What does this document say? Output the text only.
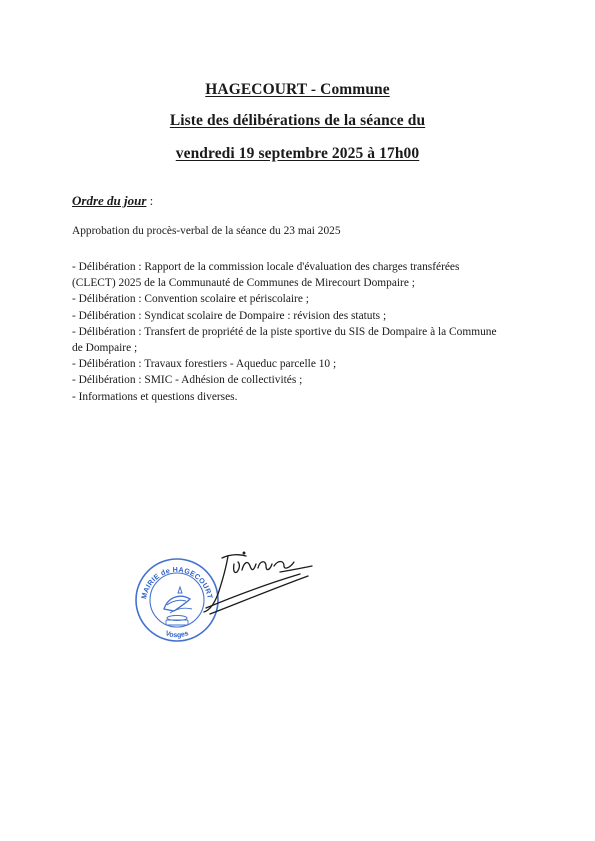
HAGECOURT - Commune
Liste des délibérations de la séance du
vendredi 19 septembre 2025 à 17h00
Ordre du jour :
Approbation du procès-verbal de la séance du 23 mai 2025
- Délibération : Rapport de la commission locale d'évaluation des charges transférées
(CLECT) 2025 de la Communauté de Communes de Mirecourt Dompaire ;
- Délibération : Convention scolaire et périscolaire ;
- Délibération : Syndicat scolaire de Dompaire : révision des statuts ;
- Délibération : Transfert de propriété de la piste sportive du SIS de Dompaire à la Commune
de Dompaire ;
- Délibération : Travaux forestiers - Aqueduc parcelle 10 ;
- Délibération : SMIC - Adhésion de collectivités ;
- Informations et questions diverses.
MAIRIE de HAGECOURT
Vosges
